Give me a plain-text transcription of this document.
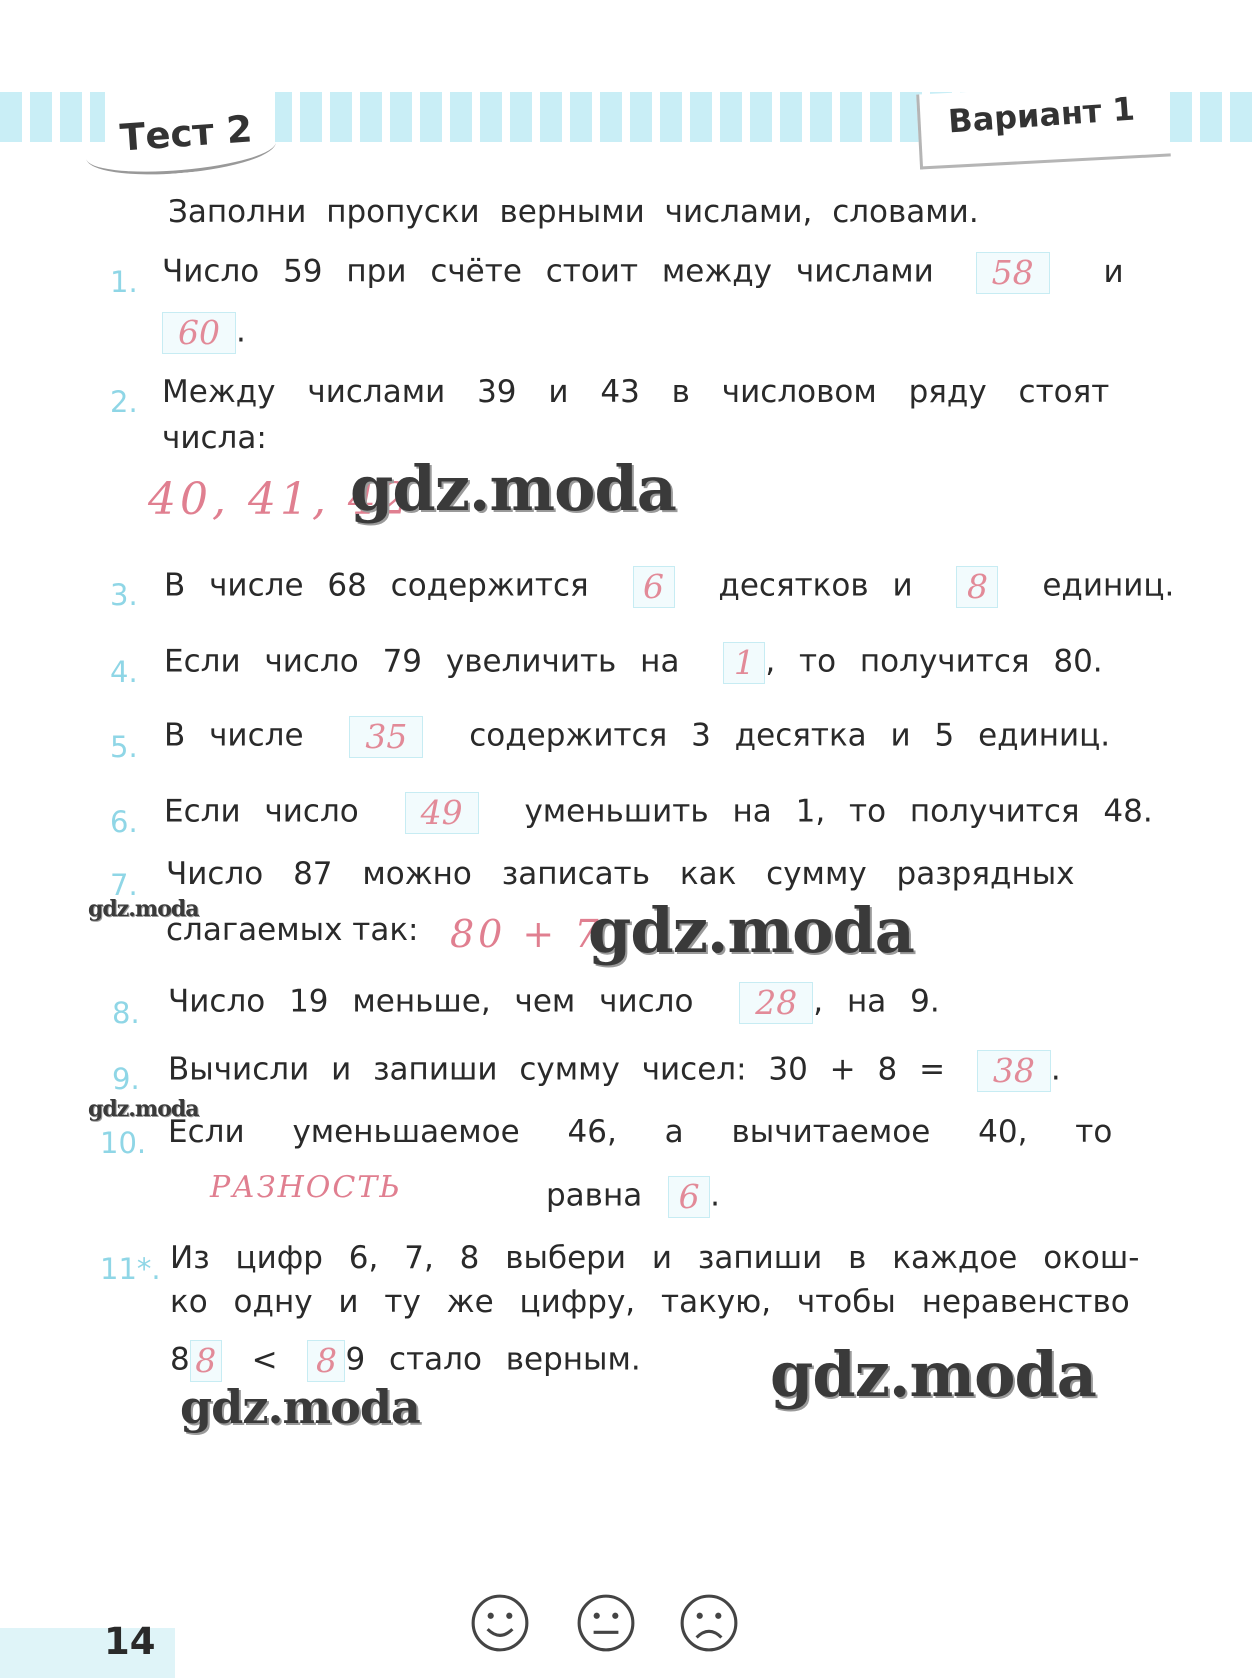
Тест 2	Вариант 1
Заполни пропуски верными числами, словами.
1. Число 59 при счёте стоит между числами 58 и
60 .
2. Между числами 39 и 43 в числовом ряду стоят
числа:
40, 41, 42
gdz.moda
3. В числе 68 содержится 6 десятков и 8 единиц.
4. Если число 79 увеличить на 1 , то получится 80.
5. В числе 35 содержится 3 десятка и 5 единиц.
6. Если число 49 уменьшить на 1, то получится 48.
7. Число 87 можно записать как сумму разрядных
gdz.moda
слагаемых так: 80 + 7
gdz.moda
8. Число 19 меньше, чем число 28 , на 9.
9. Вычисли и запиши сумму чисел: 30 + 8 = 38 .
gdz.moda
10. Если уменьшаемое 46, а вычитаемое 40, то
РАЗНОСТЬ	равна 6 .
11*. Из цифр 6, 7, 8 выбери и запиши в каждое окош-
ко одну и ту же цифру, такую, чтобы неравенство
8 8 < 8 9 стало верным. gdz.moda
gdz.moda
14
